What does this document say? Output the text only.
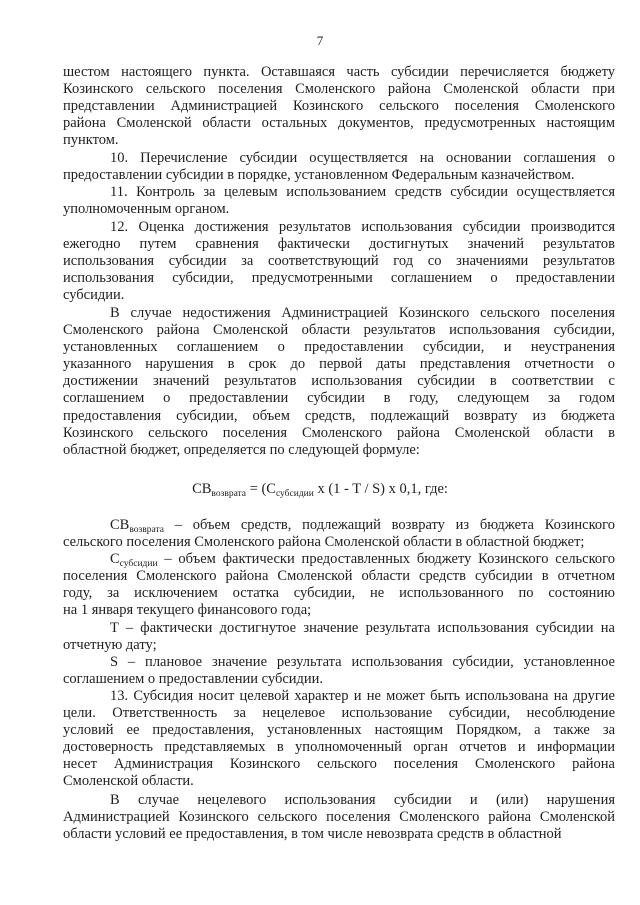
7
шестом настоящего пункта. Оставшаяся часть субсидии перечисляется бюджету
Козинского сельского поселения Смоленского района Смоленской области при
представлении Администрацией Козинского сельского поселения Смоленского
района Смоленской области остальных документов, предусмотренных настоящим
пунктом.
10. Перечисление субсидии осуществляется на основании соглашения о
предоставлении субсидии в порядке, установленном Федеральным казначейством.
11. Контроль за целевым использованием средств субсидии осуществляется
уполномоченным органом.
12. Оценка достижения результатов использования субсидии производится
ежегодно путем сравнения фактически достигнутых значений результатов
использования субсидии за соответствующий год со значениями результатов
использования субсидии, предусмотренными соглашением о предоставлении
субсидии.
В случае недостижения Администрацией Козинского сельского поселения
Смоленского района Смоленской области результатов использования субсидии,
установленных соглашением о предоставлении субсидии, и неустранения
указанного нарушения в срок до первой даты представления отчетности о
достижении значений результатов использования субсидии в соответствии с
соглашением о предоставлении субсидии в году, следующем за годом
предоставления субсидии, объем средств, подлежащий возврату из бюджета
Козинского сельского поселения Смоленского района Смоленской области в
областной бюджет, определяется по следующей формуле:
$CB_{возврата} = (C_{субсидии}$ x (1 - T / S) x 0,1, где:
$CB_{возврата}$ – объем средств, подлежащий возврату из бюджета Козинского
сельского поселения Смоленского района Смоленской области в областной бюджет;
$C_{субсидии}$ – объем фактически предоставленных бюджету Козинского сельского
поселения Смоленского района Смоленской области средств субсидии в отчетном
году, за исключением остатка субсидии, не использованного по состоянию
на 1 января текущего финансового года;
T – фактически достигнутое значение результата использования субсидии на
отчетную дату;
S – плановое значение результата использования субсидии, установленное
соглашением о предоставлении субсидии.
13. Субсидия носит целевой характер и не может быть использована на другие
цели. Ответственность за нецелевое использование субсидии, несоблюдение
условий ее предоставления, установленных настоящим Порядком, а также за
достоверность представляемых в уполномоченный орган отчетов и информации
несет Администрация Козинского сельского поселения Смоленского района
Смоленской области.
В случае нецелевого использования субсидии и (или) нарушения
Администрацией Козинского сельского поселения Смоленского района Смоленской
области условий ее предоставления, в том числе невозврата средств в областной
